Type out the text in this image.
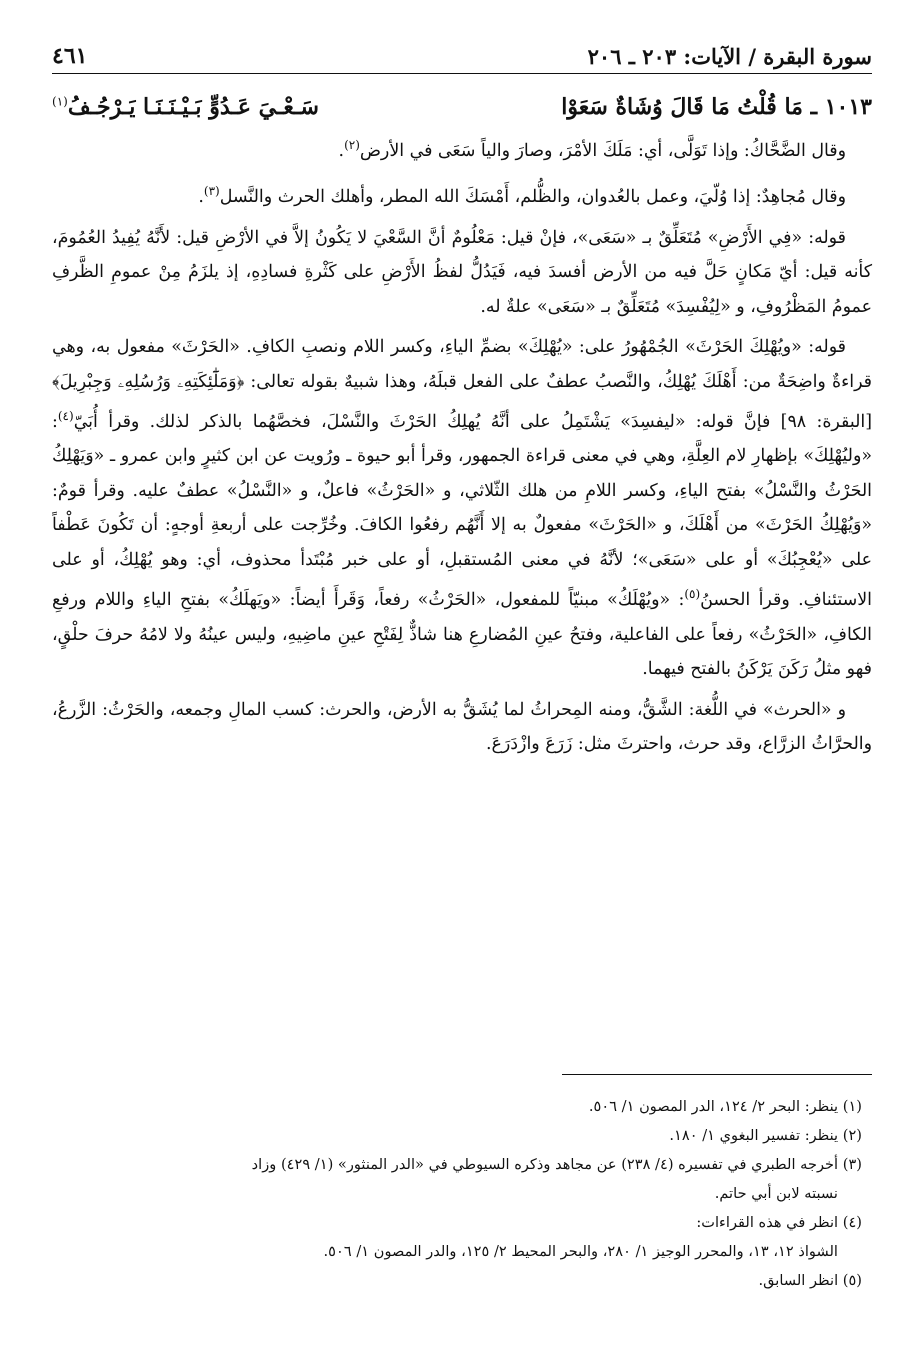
سورة البقرة / الآيات: ٢٠٣ ـ ٢٠٦
٤٦١
١٠١٣ ـ مَا قُلْتُ مَا قَالَ وُشَاةٌ سَعَوْا
سَـعْـيَ عَـدُوٍّ بَـيْـنَـنَـا يَـرْجُـفُ$^{(١)}$

وقال الضَّحَّاكُ: وإذا تَوَلَّى، أي: مَلَكَ الأمْرَ، وصارَ والياً سَعَى في الأرض$^{(٢)}$.

وقال مُجاهِدٌ: إذا وُلّيَ، وعمل بالعُدوان، والظُّلم، أَمْسَكَ الله المطر، وأهلك الحرث والنَّسل$^{(٣)}$.

قوله: «فِي الأَرْضِ» مُتَعَلِّقٌ بـ «سَعَى»، فإنْ قيل: مَعْلُومٌ أنَّ السَّعْيَ لا يَكُونُ إلاَّ في الأرْضِ قيل: لأَنَّهُ يُفِيدُ العُمُومَ، كأنه قيل: أيّ مَكانٍ حَلَّ فيه من الأرض أفسدَ فيه، فَيَدُلُّ لفظُ الأَرْضِ على كَثْرةِ فسادِهِ، إذ يلزَمُ مِنْ عمومِ الظَّرفِ عمومُ المَظْرُوفِ، و «لِيُفْسِدَ» مُتَعَلِّقٌ بـ «سَعَى» علةٌ له.

قوله: «ويُهْلِكَ الحَرْثَ» الجُمْهُورُ على: «يُهْلِكَ» بضمِّ الياءِ، وكسر اللام ونصبِ الكافِ. «الحَرْثَ» مفعول به، وهي قراءةٌ واضِحَةٌ من: أَهْلَكَ يُهْلِكُ، والنَّصبُ عطفٌ على الفعل قبلَهُ، وهذا شبيهٌ بقوله تعالى: ﴿وَمَلَٰٓئِكَتِهِۦ وَرُسُلِهِۦ وَجِبْرِيلَ﴾ [البقرة: ٩٨] فإنَّ قوله: «ليفسِدَ» يَشْتَمِلُ على أنَّهُ يُهلِكُ الحَرْثَ والنَّسْلَ، فخصَّهُما بالذكر لذلك. وقرأ أُبَيّ$^{(٤)}$: «وليُهْلِكَ» بإظهارِ لام العِلَّةِ، وهي في معنى قراءة الجمهور، وقرأ أبو حيوة ـ ورُويت عن ابن كثيرٍ وابن عمرو ـ «وَيَهْلِكُ الحَرْثُ والنَّسْلُ» بفتح الياءِ، وكسر اللامِ من هلك الثّلاثي، و «الحَرْثُ» فاعلٌ، و «النَّسْلُ» عطفٌ عليه. وقرأ قومٌ: «وَيُهْلِكُ الحَرْثَ» من أَهْلَكَ، و «الحَرْثَ» مفعولٌ به إلا أَنَّهُم رفعُوا الكافَ. وخُرِّجت على أربعةِ أوجهٍ: أن تَكُونَ عَطْفاً على «يُعْجِبُكَ» أو على «سَعَى»؛ لأنَّهُ في معنى المُستقبلِ، أو على خبر مُبْتَدأ محذوف، أي: وهو يُهْلِكُ، أو على الاستئنافِ. وقرأ الحسنُ$^{(٥)}$: «ويُهْلَكُ» مبنيّاً للمفعول، «الحَرْثُ» رفعاً، وَقَرأَ أيضاً: «ويَهلَكُ» بفتحِ الياءِ واللام ورفعِ الكافِ، «الحَرْثُ» رفعاً على الفاعلية، وفتحُ عينِ المُضارعِ هنا شاذٌّ لِفَتْحِ عينِ ماضِيهِ، وليس عينُهُ ولا لامُهُ حرفَ حلْقٍ، فهو مثلُ رَكَنَ يَرْكَنُ بالفتح فيهما.

و «الحرث» في اللُّغة: الشَّقُّ، ومنه المِحراثُ لما يُشَقُّ به الأرض، والحرث: كسب المالِ وجمعه، والحَرْثُ: الزَّرعُ، والحرَّاثُ الزرَّاع، وقد حرث، واحترثَ مثل: زَرَعَ وازْدَرَعَ.

(١) ينظر: البحر ٢/ ١٢٤، الدر المصون ١/ ٥٠٦.

(٢) ينظر: تفسير البغوي ١/ ١٨٠.

(٣) أخرجه الطبري في تفسيره (٤/ ٢٣٨) عن مجاهد وذكره السيوطي في «الدر المنثور» (١/ ٤٢٩) وزاد

نسبته لابن أبي حاتم.

(٤) انظر في هذه القراءات:

الشواذ ١٢، ١٣، والمحرر الوجيز ١/ ٢٨٠، والبحر المحيط ٢/ ١٢٥، والدر المصون ١/ ٥٠٦.

(٥) انظر السابق.
